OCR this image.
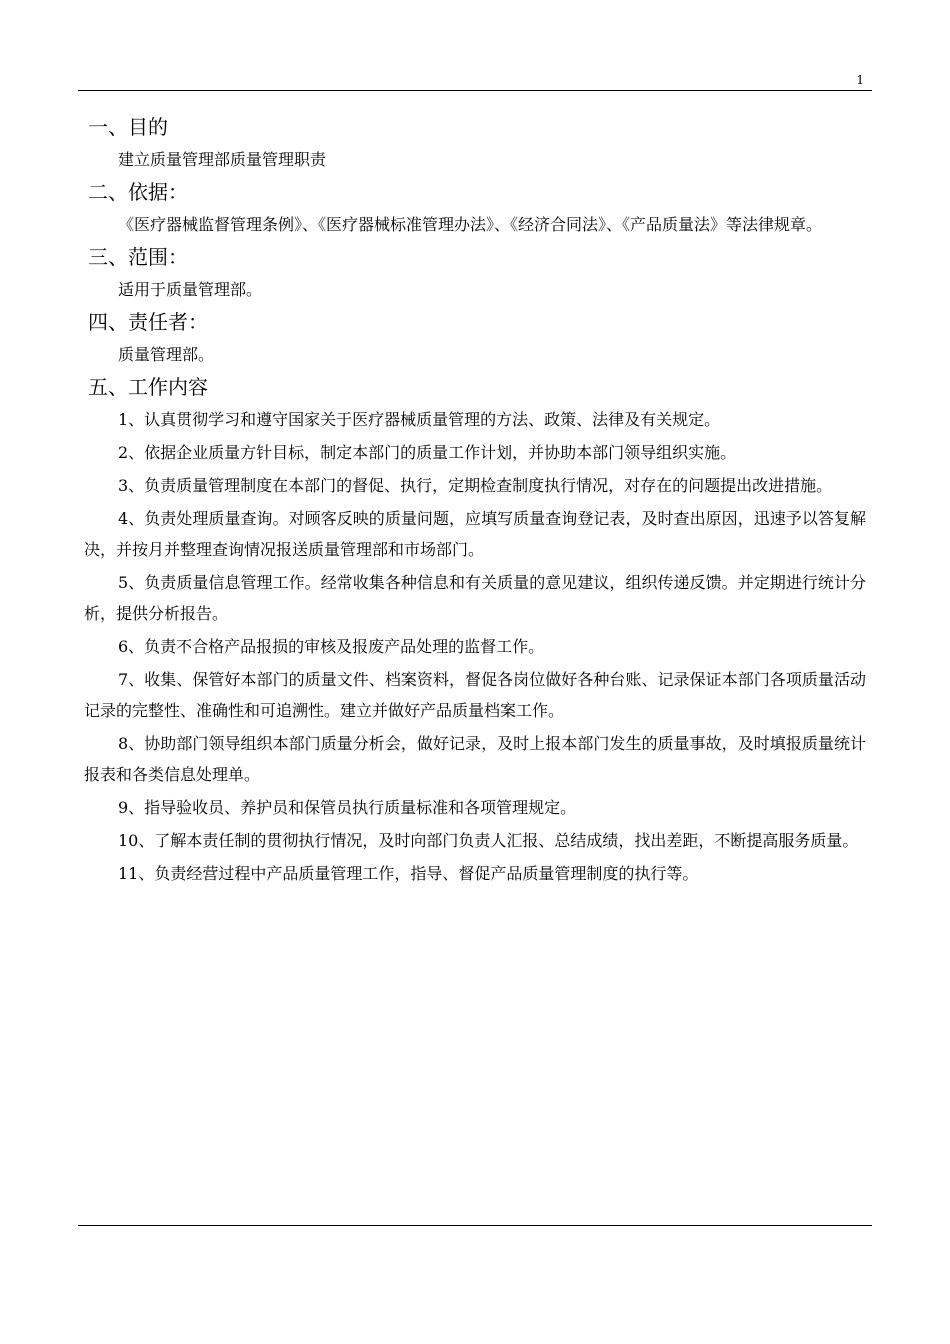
1
一、目的

建立质量管理部质量管理职责

二、依据：

《医疗器械监督管理条例》、《医疗器械标准管理办法》、《经济合同法》、《产品质量法》等法律规章。

三、范围：

适用于质量管理部。

四、责任者：

质量管理部。

五、工作内容

1、认真贯彻学习和遵守国家关于医疗器械质量管理的方法、政策、法律及有关规定。

2、依据企业质量方针目标，制定本部门的质量工作计划，并协助本部门领导组织实施。

3、负责质量管理制度在本部门的督促、执行，定期检查制度执行情况，对存在的问题提出改进措施。

4、负责处理质量查询。对顾客反映的质量问题，应填写质量查询登记表，及时查出原因，迅速予以答复解决，并按月并整理查询情况报送质量管理部和市场部门。

5、负责质量信息管理工作。经常收集各种信息和有关质量的意见建议，组织传递反馈。并定期进行统计分析，提供分析报告。

6、负责不合格产品报损的审核及报废产品处理的监督工作。

7、收集、保管好本部门的质量文件、档案资料，督促各岗位做好各种台账、记录保证本部门各项质量活动记录的完整性、准确性和可追溯性。建立并做好产品质量档案工作。

8、协助部门领导组织本部门质量分析会，做好记录，及时上报本部门发生的质量事故，及时填报质量统计报表和各类信息处理单。

9、指导验收员、养护员和保管员执行质量标准和各项管理规定。

10、了解本责任制的贯彻执行情况，及时向部门负责人汇报、总结成绩，找出差距，不断提高服务质量。

11、负责经营过程中产品质量管理工作，指导、督促产品质量管理制度的执行等。
